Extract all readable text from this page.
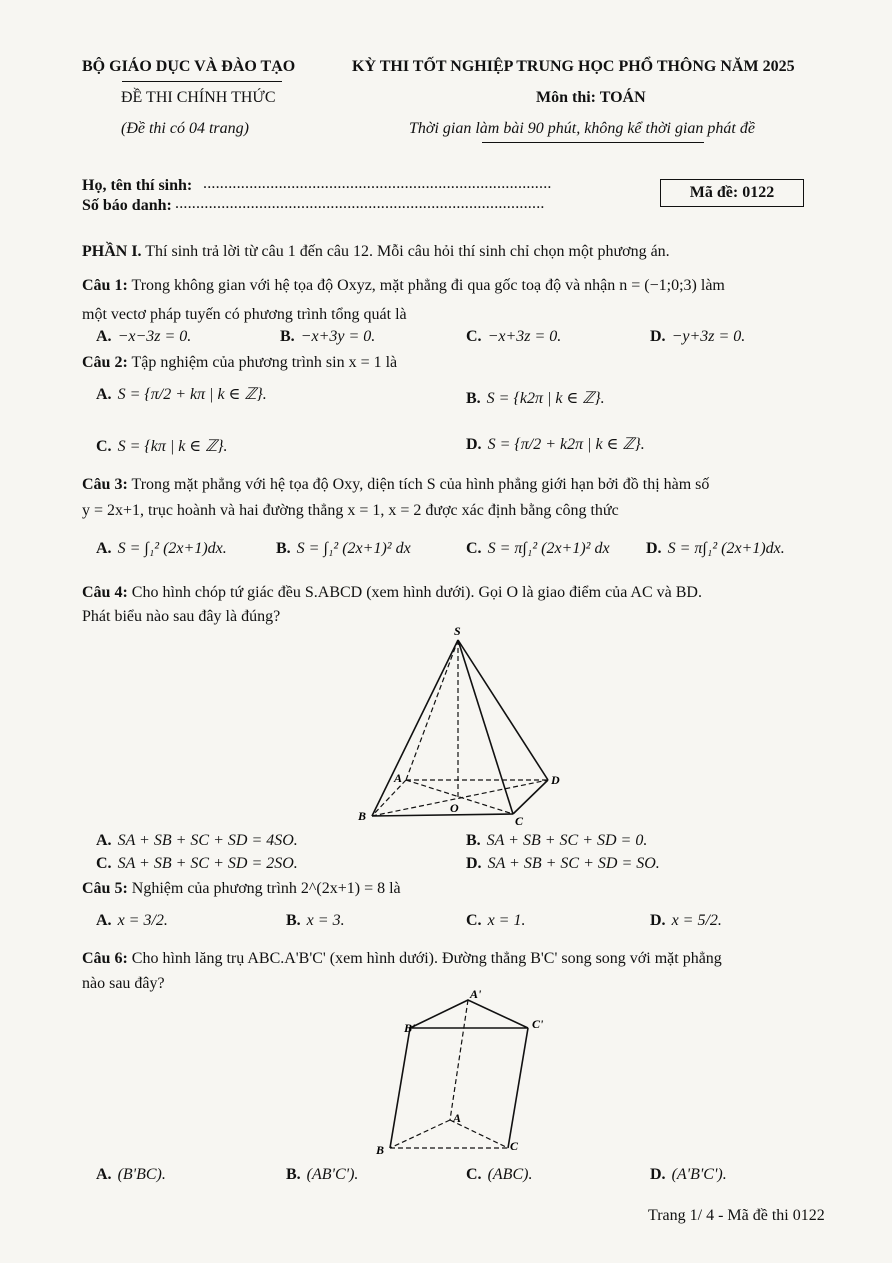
BỘ GIÁO DỤC VÀ ĐÀO TẠO	KỲ THI TỐT NGHIỆP TRUNG HỌC PHỔ THÔNG NĂM 2025
ĐỀ THI CHÍNH THỨC	Môn thi: TOÁN
(Đề thi có 04 trang)	Thời gian làm bài 90 phút, không kể thời gian phát đề
Họ, tên thí sinh: ...................................................................................
Số báo danh: ........................................................................................
Mã đề: 0122
PHẦN I. Thí sinh trả lời từ câu 1 đến câu 12. Mỗi câu hỏi thí sinh chỉ chọn một phương án.
Câu 1: Trong không gian với hệ tọa độ Oxyz, mặt phẳng đi qua gốc toạ độ và nhận n = (−1;0;3) làm
một vectơ pháp tuyến có phương trình tổng quát là
A. −x−3z = 0.	B. −x+3y = 0.	C. −x+3z = 0.	D. −y+3z = 0.
Câu 2: Tập nghiệm của phương trình sin x = 1 là
A. S = {π/2 + kπ | k ∈ ℤ}.	B. S = {k2π | k ∈ ℤ}.
C. S = {kπ | k ∈ ℤ}.	D. S = {π/2 + k2π | k ∈ ℤ}.
Câu 3: Trong mặt phẳng với hệ tọa độ Oxy, diện tích S của hình phẳng giới hạn bởi đồ thị hàm số
y = 2x+1, trục hoành và hai đường thẳng x = 1, x = 2 được xác định bằng công thức
A. S = ∫₁² (2x+1)dx.	B. S = ∫₁² (2x+1)² dx	C. S = π∫₁² (2x+1)² dx D. S = π∫₁² (2x+1)dx.
Câu 4: Cho hình chóp tứ giác đều S.ABCD (xem hình dưới). Gọi O là giao điểm của AC và BD.
Phát biểu nào sau đây là đúng?
S
A
B	C
D
O
A. SA + SB + SC + SD = 4SO.	B. SA + SB + SC + SD = 0.
C. SA + SB + SC + SD = 2SO.	D. SA + SB + SC + SD = SO.
Câu 5: Nghiệm của phương trình 2^(2x+1) = 8 là
A. x = 3/2.	B. x = 3.	C. x = 1.	D. x = 5/2.
Câu 6: Cho hình lăng trụ ABC.A'B'C' (xem hình dưới). Đường thẳng B'C' song song với mặt phẳng
nào sau đây?
A'
B'	C'
A
B	C
A. (B'BC).	B. (AB'C').	C. (ABC).	D. (A'B'C').
Trang 1/ 4 - Mã đề thi 0122
